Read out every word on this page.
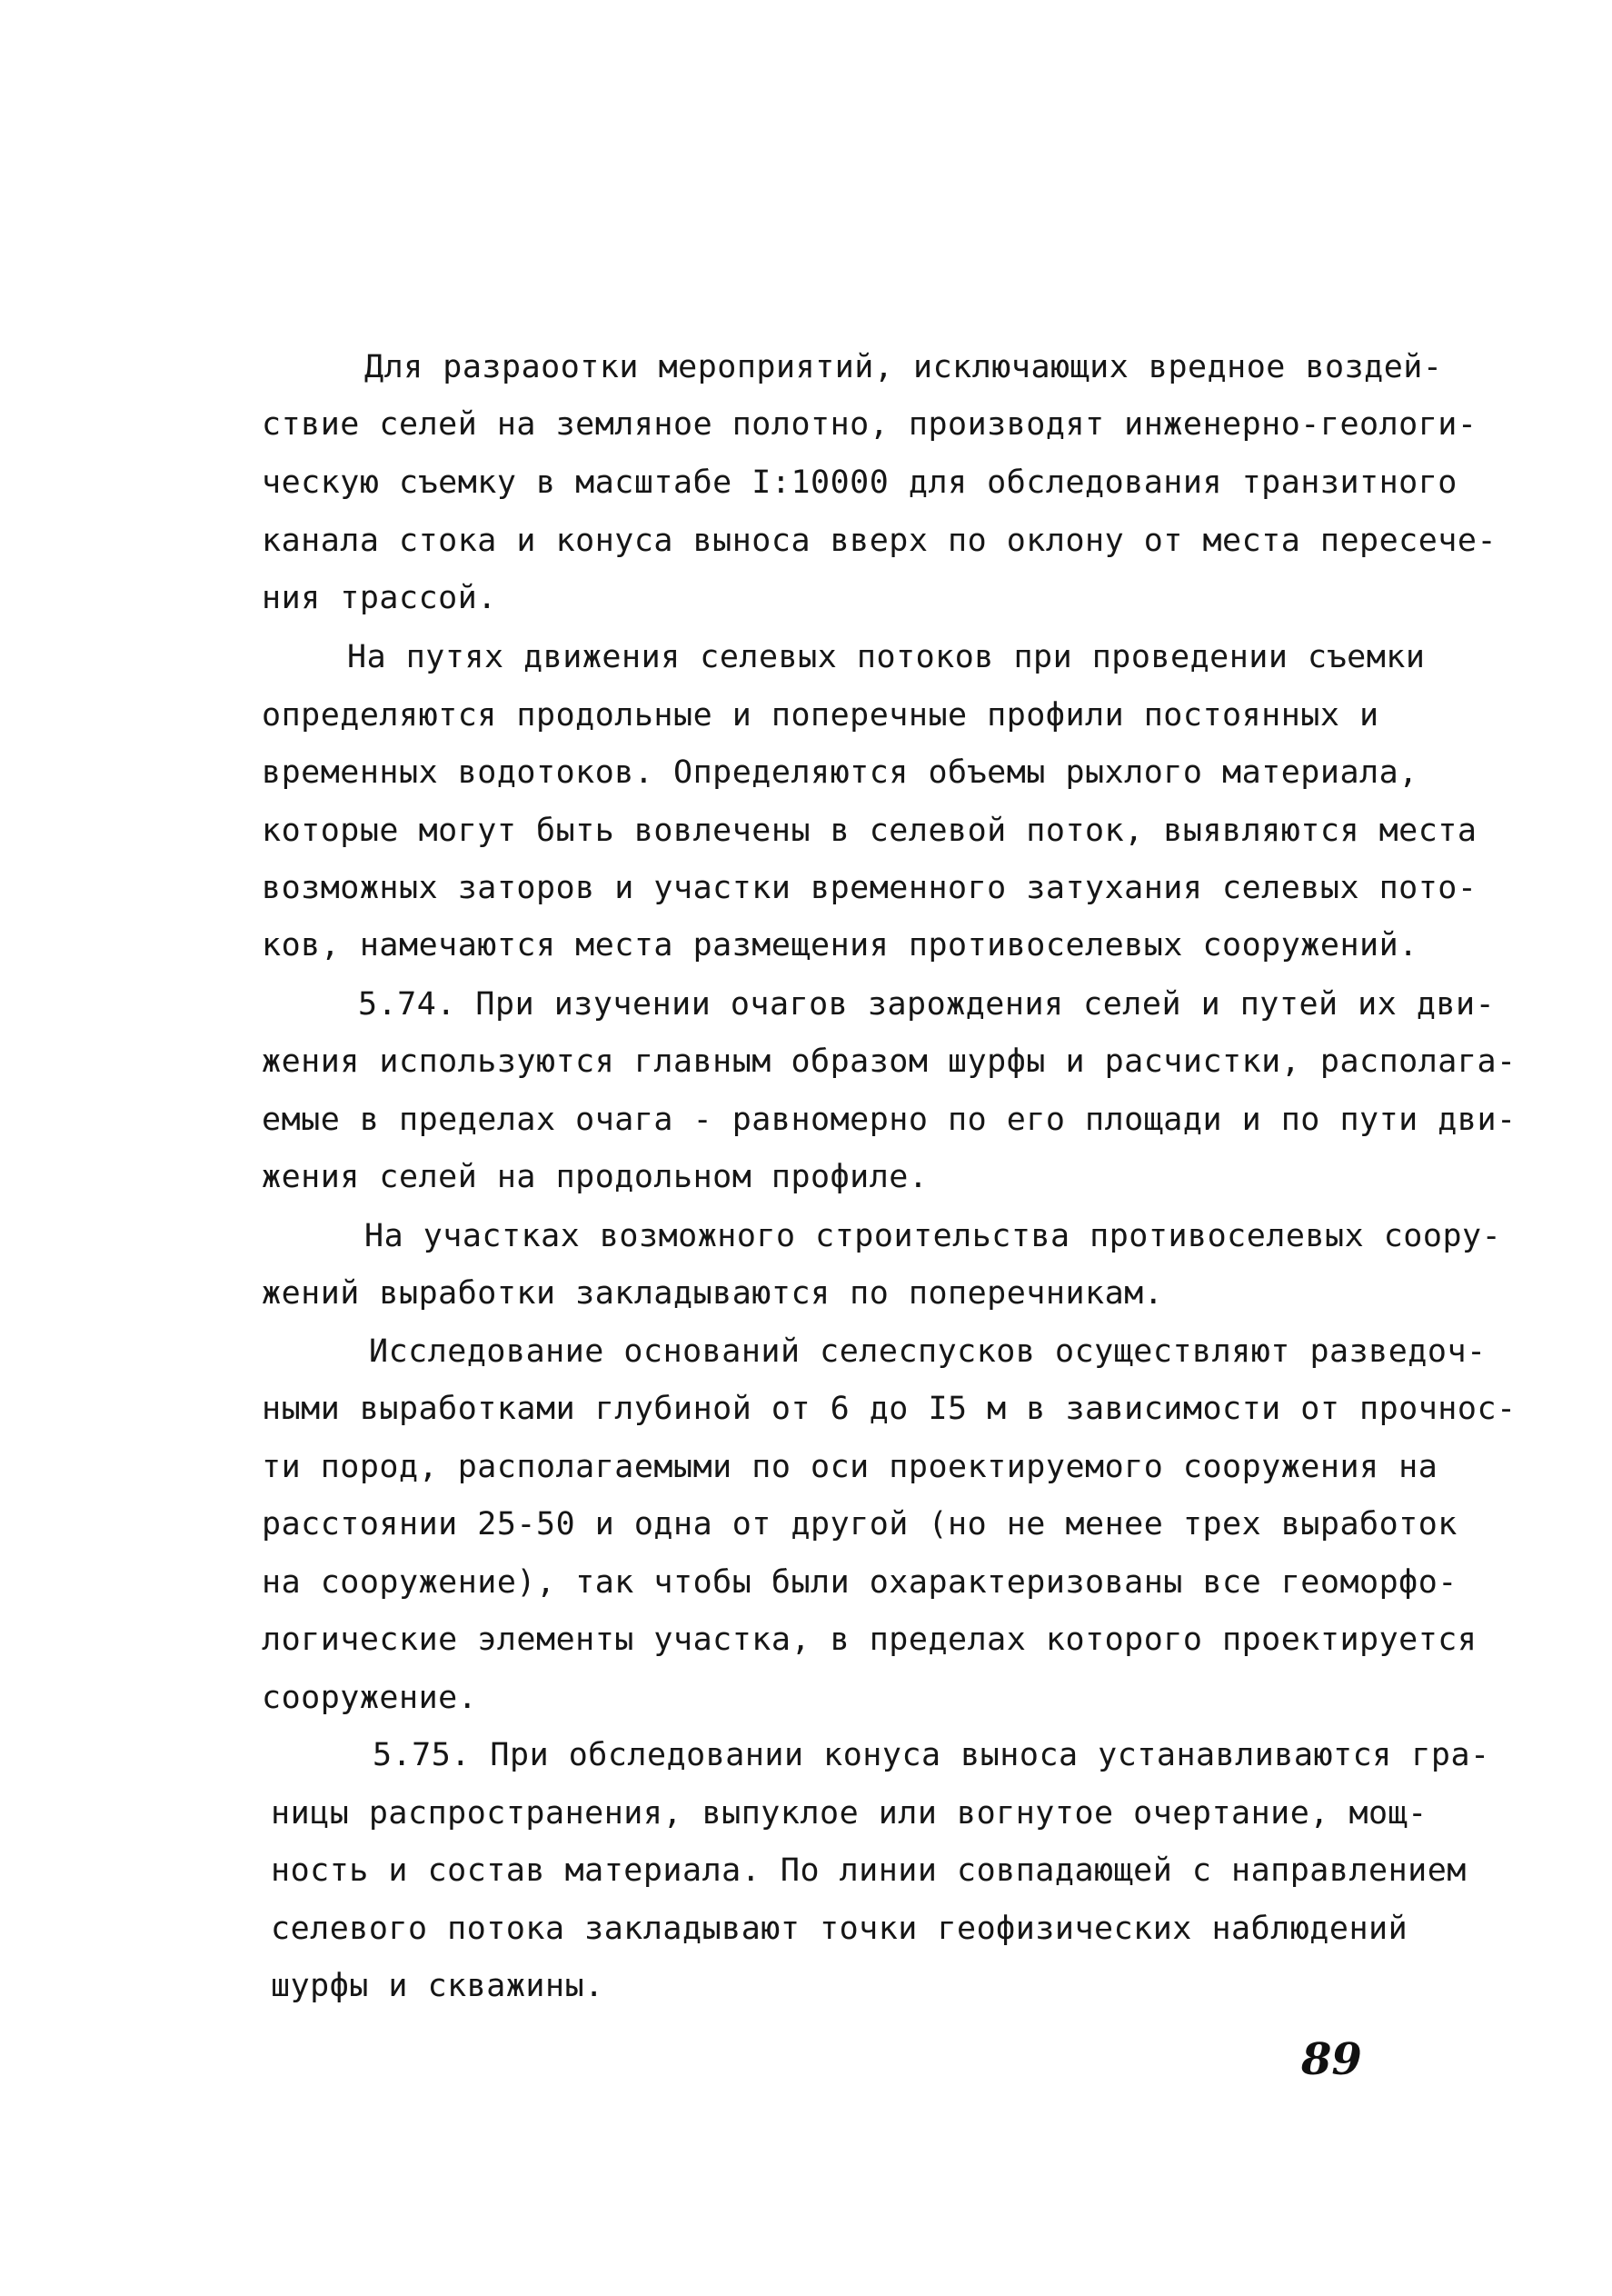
Для разраоотки мероприятий, исключающих вредное воздей-
ствие селей на земляное полотно, производят инженерно-геологи-
ческую съемку в масштабе I:10000 для обследования транзитного
канала стока и конуса выноса вверх по оклону от места пересече-
ния трассой.
На путях движения селевых потоков при проведении съемки
определяются продольные и поперечные профили постоянных и
временных водотоков. Определяются объемы рыхлого материала,
которые могут быть вовлечены в селевой поток, выявляются места
возможных заторов и участки временного затухания селевых пото-
ков, намечаются места размещения противоселевых сооружений.
5.74. При изучении очагов зарождения селей и путей их дви-
жения используются главным образом шурфы и расчистки, располага-
емые в пределах очага - равномерно по его площади и по пути дви-
жения селей на продольном профиле.
На участках возможного строительства противоселевых соору-
жений выработки закладываются по поперечникам.
Исследование оснований селеспусков осуществляют разведоч-
ными выработками глубиной от 6 до I5 м в зависимости от прочнос-
ти пород, располагаемыми по оси проектируемого сооружения на
расстоянии 25-50 и одна от другой (но не менее трех выработок
на сооружение), так чтобы были охарактеризованы все геоморфо-
логические элементы участка, в пределах которого проектируется
сооружение.
5.75. При обследовании конуса выноса устанавливаются гра-
ницы распространения, выпуклое или вогнутое очертание, мощ-
ность и состав материала. По линии совпадающей с направлением
селевого потока закладывают точки геофизических наблюдений
шурфы и скважины.
89
